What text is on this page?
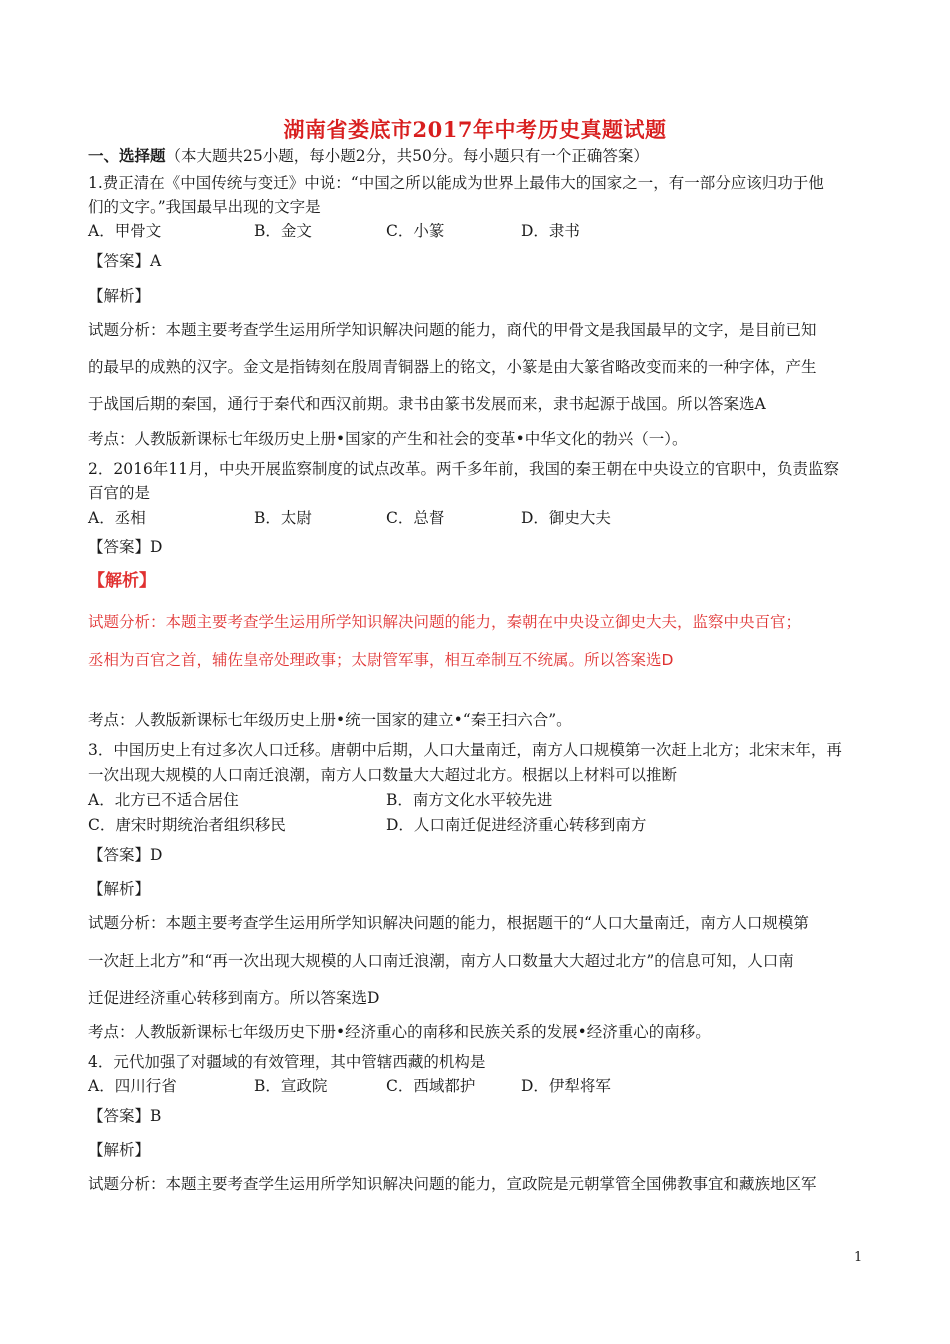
湖南省娄底市2017年中考历史真题试题
一、选择题（本大题共25小题，每小题2分，共50分。每小题只有一个正确答案）
1.费正清在《中国传统与变迁》中说：“中国之所以能成为世界上最伟大的国家之一，有一部分应该归功于他
们的文字。”我国最早出现的文字是
A．甲骨文	B．金文	C．小篆	D．隶书
【答案】A
【解析】
试题分析：本题主要考查学生运用所学知识解决问题的能力，商代的甲骨文是我国最早的文字，是目前已知
的最早的成熟的汉字。金文是指铸刻在殷周青铜器上的铭文，小篆是由大篆省略改变而来的一种字体，产生
于战国后期的秦国，通行于秦代和西汉前期。隶书由篆书发展而来，隶书起源于战国。所以答案选A
考点：人教版新课标七年级历史上册•国家的产生和社会的变革•中华文化的勃兴（一）。
2．2016年11月，中央开展监察制度的试点改革。两千多年前，我国的秦王朝在中央设立的官职中，负责监察
百官的是
A．丞相	B．太尉	C．总督	D．御史大夫
【答案】D
【解析】
试题分析：本题主要考查学生运用所学知识解决问题的能力，秦朝在中央设立御史大夫，监察中央百官；
丞相为百官之首，辅佐皇帝处理政事；太尉管军事，相互牵制互不统属。所以答案选D
考点：人教版新课标七年级历史上册•统一国家的建立•“秦王扫六合”。
3．中国历史上有过多次人口迁移。唐朝中后期，人口大量南迁，南方人口规模第一次赶上北方；北宋末年，再
一次出现大规模的人口南迁浪潮，南方人口数量大大超过北方。根据以上材料可以推断
A．北方已不适合居住	B．南方文化水平较先进
C．唐宋时期统治者组织移民	D．人口南迁促进经济重心转移到南方
【答案】D
【解析】
试题分析：本题主要考查学生运用所学知识解决问题的能力，根据题干的“人口大量南迁，南方人口规模第
一次赶上北方”和“再一次出现大规模的人口南迁浪潮，南方人口数量大大超过北方”的信息可知，人口南
迁促进经济重心转移到南方。所以答案选D
考点：人教版新课标七年级历史下册•经济重心的南移和民族关系的发展•经济重心的南移。
4．元代加强了对疆域的有效管理，其中管辖西藏的机构是
A．四川行省	B．宣政院	C．西域都护	D．伊犁将军
【答案】B
【解析】
试题分析：本题主要考查学生运用所学知识解决问题的能力，宣政院是元朝掌管全国佛教事宜和藏族地区军
1
